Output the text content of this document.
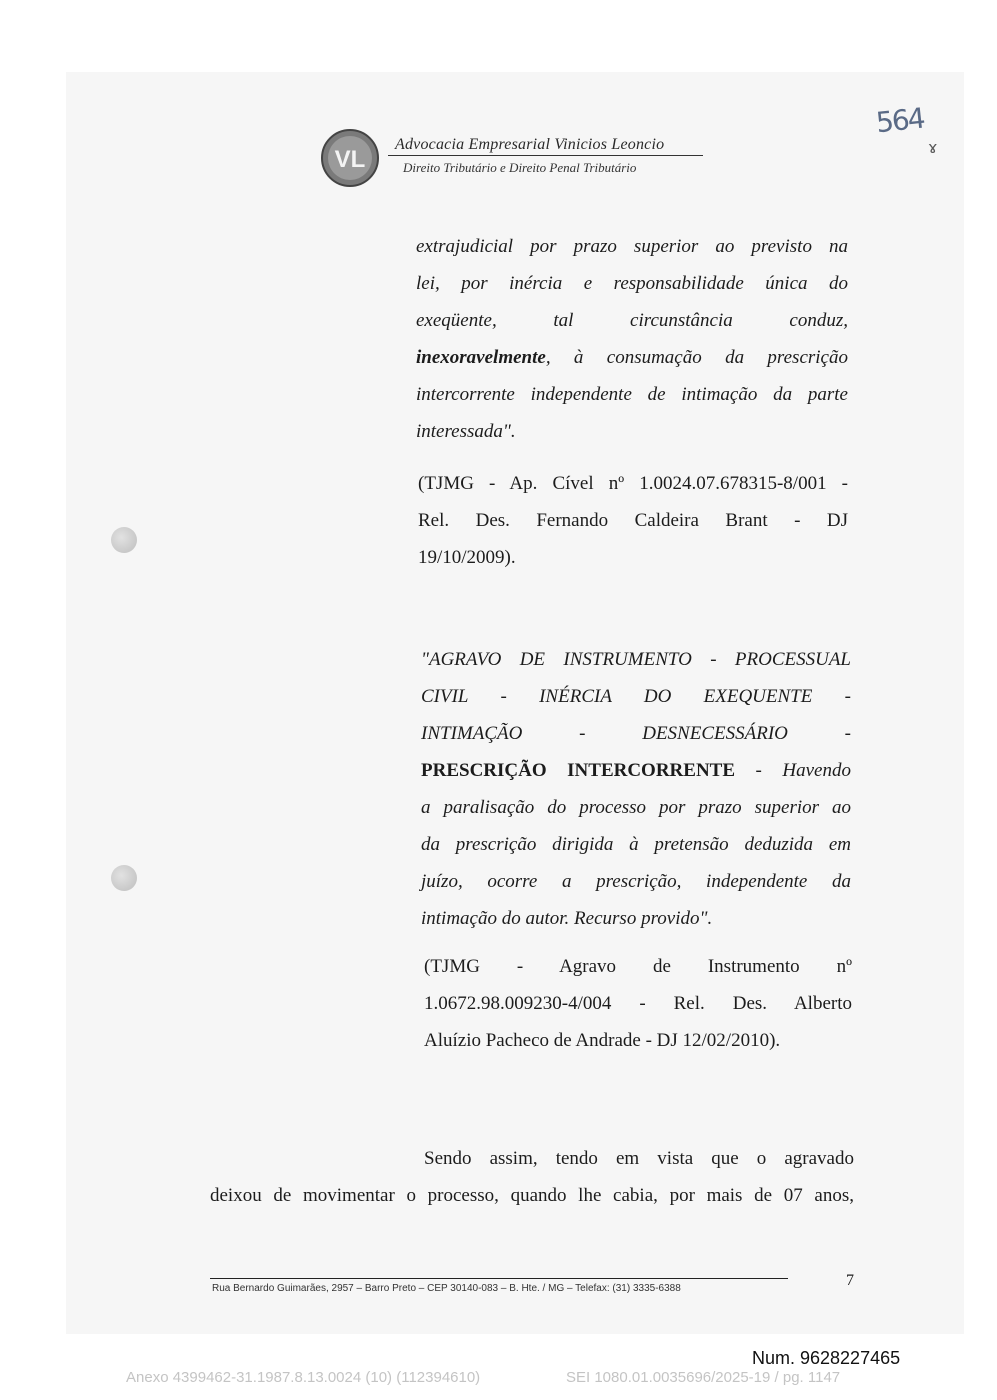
VL
Advocacia Empresarial Vinicios Leoncio
Direito Tributário e Direito Penal Tributário
564
ɤ

extrajudicial por prazo superior ao previsto na

lei, por inércia e responsabilidade única do

exeqüente, tal circunstância conduz,

inexoravelmente, à consumação da prescrição

intercorrente independente de intimação da parte

interessada".

(TJMG - Ap. Cível nº 1.0024.07.678315-8/001 -

Rel. Des. Fernando Caldeira Brant - DJ

19/10/2009).

"AGRAVO DE INSTRUMENTO - PROCESSUAL

CIVIL - INÉRCIA DO EXEQUENTE -

INTIMAÇÃO - DESNECESSÁRIO -

PRESCRIÇÃO INTERCORRENTE - Havendo

a paralisação do processo por prazo superior ao

da prescrição dirigida à pretensão deduzida em

juízo, ocorre a prescrição, independente da

intimação do autor. Recurso provido".

(TJMG - Agravo de Instrumento nº

1.0672.98.009230-4/004 - Rel. Des. Alberto

Aluízio Pacheco de Andrade - DJ 12/02/2010).

Sendo assim, tendo em vista que o agravado

deixou de movimentar o processo, quando lhe cabia, por mais de 07 anos,

Rua Bernardo Guimarães, 2957 – Barro Preto – CEP 30140-083 – B. Hte. / MG – Telefax: (31) 3335-6388	7
Num. 9628227465
Anexo 4399462-31.1987.8.13.0024 (10) (112394610)	SEI 1080.01.0035696/2025-19 / pg. 1147
